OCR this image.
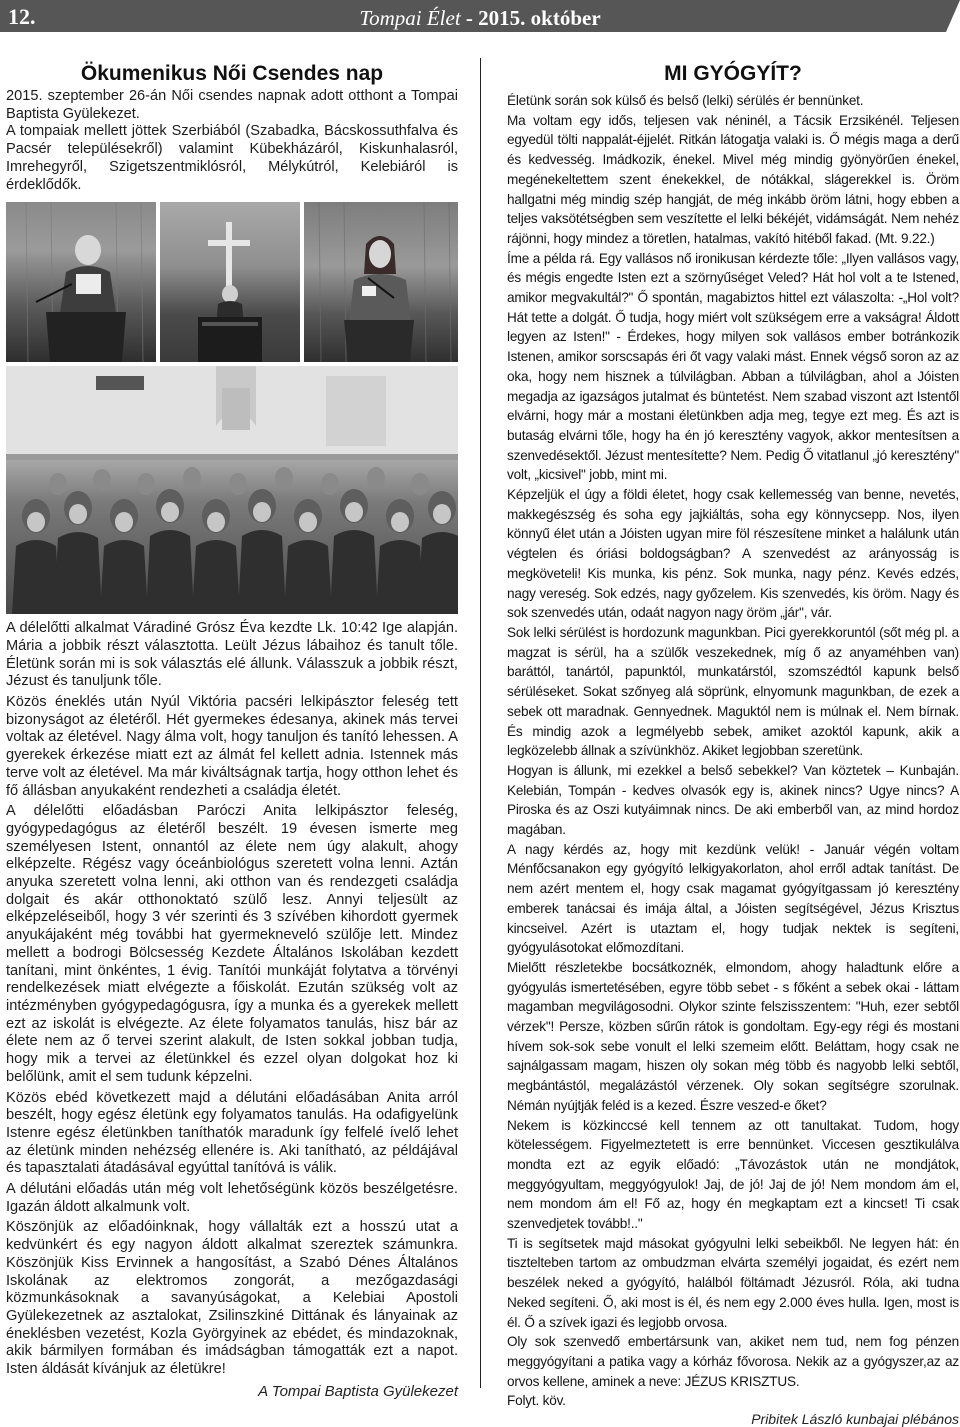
12.	Tompai Élet - 2015. október
Ökumenikus Női Csendes nap

2015. szeptember 26-án Női csendes napnak adott otthont a Tompai Baptista Gyülekezet.

A tompaiak mellett jöttek Szerbiából (Szabadka, Bácskossuthfalva és Pacsér településekről) valamint Kübekházáról, Kiskunhalasról, Imrehegyről, Szigetszentmiklósról, Mélykútról, Kelebiáról is érdeklődők.

A délelőtti alkalmat Váradiné Grósz Éva kezdte Lk. 10:42 Ige alapján. Mária a jobbik részt választotta. Leült Jézus lábaihoz és tanult tőle. Életünk során mi is sok választás elé állunk. Válasszuk a jobbik részt, Jézust és tanuljunk tőle.

Közös éneklés után Nyúl Viktória pacséri lelkipásztor feleség tett bizonyságot az életéről. Hét gyermekes édesanya, akinek más tervei voltak az életével. Nagy álma volt, hogy tanuljon és tanító lehessen. A gyerekek érkezése miatt ezt az álmát fel kellett adnia. Istennek más terve volt az életével. Ma már kiváltságnak tartja, hogy otthon lehet és fő állásban anyukaként rendezheti a családja életét.

A délelőtti előadásban Paróczi Anita lelkipásztor feleség, gyógypedagógus az életéről beszélt. 19 évesen ismerte meg személyesen Istent, onnantól az élete nem úgy alakult, ahogy elképzelte. Régész vagy óceánbiológus szeretett volna lenni. Aztán anyuka szeretett volna lenni, aki otthon van és rendezgeti családja dolgait és akár otthonoktató szülő lesz. Annyi teljesült az elképzeléseiből, hogy 3 vér szerinti és 3 szívében kihordott gyermek anyukájaként még további hat gyermekneveló szülője lett. Mindez mellett a bodrogi Bölcsesség Kezdete Általános Iskolában kezdett tanítani, mint önkéntes, 1 évig. Tanítói munkáját folytatva a törvényi rendelkezések miatt elvégezte a főiskolát. Ezután szükség volt az intézményben gyógypedagógusra, így a munka és a gyerekek mellett ezt az iskolát is elvégezte. Az élete folyamatos tanulás, hisz bár az élete nem az ő tervei szerint alakult, de Isten sokkal jobban tudja, hogy mik a tervei az életünkkel és ezzel olyan dolgokat hoz ki belőlünk, amit el sem tudunk képzelni.

Közös ebéd következett majd a délutáni előadásában Anita arról beszélt, hogy egész életünk egy folyamatos tanulás. Ha odafigyelünk Istenre egész életünkben taníthatók maradunk így felfelé ívelő lehet az életünk minden nehézség ellenére is. Aki tanítható, az példájával és tapasztalati átadásával egyúttal tanítóvá is válik.

A délutáni előadás után még volt lehetőségünk közös beszélgetésre. Igazán áldott alkalmunk volt.

Köszönjük az előadóinknak, hogy vállalták ezt a hosszú utat a kedvünkért és egy nagyon áldott alkalmat szereztek számunkra. Köszönjük Kiss Ervinnek a hangosítást, a Szabó Dénes Általános Iskolának az elektromos zongorát, a mezőgazdasági közmunkásoknak a savanyúságokat, a Kelebiai Apostoli Gyülekezetnek az asztalokat, Zsilinszkiné Dittának és lányainak az éneklésben vezetést, Kozla Györgyinek az ebédet, és mindazoknak, akik bármilyen formában és imádságban támogatták ezt a napot. Isten áldását kívánjuk az életükre!

A Tompai Baptista Gyülekezet
MI GYÓGYÍT?

Életünk során sok külső és belső (lelki) sérülés ér bennünket.

Ma voltam egy idős, teljesen vak néninél, a Tácsik Erzsikénél. Teljesen egyedül tölti nappalát-éjjelét. Ritkán látogatja valaki is. Ő mégis maga a derű és kedvesség. Imádkozik, énekel. Mivel még mindig gyönyörűen énekel, megénekeltettem szent énekekkel, de nótákkal, slágerekkel is. Öröm hallgatni még mindig szép hangját, de még inkább öröm látni, hogy ebben a teljes vaksötétségben sem veszítette el lelki békéjét, vidámságát. Nem nehéz rájönni, hogy mindez a töretlen, hatalmas, vakító hitéből fakad. (Mt. 9.22.)

Íme a példa rá. Egy vallásos nő ironikusan kérdezte tőle: „Ilyen vallásos vagy, és mégis engedte Isten ezt a szörnyűséget Veled? Hát hol volt a te Istened, amikor megvakultál?" Ő spontán, magabiztos hittel ezt válaszolta: -„Hol volt? Hát tette a dolgát. Ő tudja, hogy miért volt szükségem erre a vakságra! Áldott legyen az Isten!" - Érdekes, hogy milyen sok vallásos ember botránkozik Istenen, amikor sorscsapás éri őt vagy valaki mást. Ennek végső soron az az oka, hogy nem hisznek a túlvilágban. Abban a túlvilágban, ahol a Jóisten megadja az igazságos jutalmat és büntetést. Nem szabad viszont azt Istentől elvárni, hogy már a mostani életünkben adja meg, tegye ezt meg. És azt is butaság elvárni tőle, hogy ha én jó keresztény vagyok, akkor mentesítsen a szenvedésektől. Jézust mentesítette? Nem. Pedig Ő vitatlanul „jó keresztény" volt, „kicsivel" jobb, mint mi.

Képzeljük el úgy a földi életet, hogy csak kellemesség van benne, nevetés, makkegészség és soha egy jajkiáltás, soha egy könnycsepp. Nos, ilyen könnyű élet után a Jóisten ugyan mire föl részesítene minket a halálunk után végtelen és óriási boldogságban? A szenvedést az arányosság is megköveteli! Kis munka, kis pénz. Sok munka, nagy pénz. Kevés edzés, nagy vereség. Sok edzés, nagy győzelem. Kis szenvedés, kis öröm. Nagy és sok szenvedés után, odaát nagyon nagy öröm „jár", vár.

Sok lelki sérülést is hordozunk magunkban. Pici gyerekkoruntól (sőt még pl. a magzat is sérül, ha a szülők veszekednek, míg ő az anyaméhben van) baráttól, tanártól, papunktól, munkatárstól, szomszédtól kapunk belső sérüléseket. Sokat szőnyeg alá söprünk, elnyomunk magunkban, de ezek a sebek ott maradnak. Gennyednek. Maguktól nem is múlnak el. Nem bírnak. És mindig azok a legmélyebb sebek, amiket azoktól kapunk, akik a legközelebb állnak a szívünkhöz. Akiket legjobban szeretünk.

Hogyan is állunk, mi ezekkel a belső sebekkel? Van köztetek – Kunbaján. Kelebián, Tompán - kedves olvasók egy is, akinek nincs? Ugye nincs? A Piroska és az Oszi kutyáimnak nincs. De aki emberből van, az mind hordoz magában.

A nagy kérdés az, hogy mit kezdünk velük! - Január végén voltam Ménfőcsanakon egy gyógyító lelkigyakorlaton, ahol erről adtak tanítást. De nem azért mentem el, hogy csak magamat gyógyítgassam jó keresztény emberek tanácsai és imája által, a Jóisten segítségével, Jézus Krisztus kincseivel. Azért is utaztam el, hogy tudjak nektek is segíteni, gyógyulásotokat előmozdítani.

Mielőtt részletekbe bocsátkoznék, elmondom, ahogy haladtunk előre a gyógyulás ismertetésében, egyre több sebet - s főként a sebek okai - láttam magamban megvilágosodni. Olykor szinte felszisszentem: "Huh, ezer sebtől vérzek"! Persze, közben sűrűn rátok is gondoltam. Egy-egy régi és mostani hívem sok-sok sebe vonult el lelki szemeim előtt. Beláttam, hogy csak ne sajnálgassam magam, hiszen oly sokan még több és nagyobb lelki sebtől, megbántástól, megalázástól vérzenek. Oly sokan segítségre szorulnak. Némán nyújtják feléd is a kezed. Észre veszed-e őket?

Nekem is közkinccsé kell tennem az ott tanultakat. Tudom, hogy kötelességem. Figyelmeztetett is erre bennünket. Viccesen gesztikulálva mondta ezt az egyik előadó: „Távozástok után ne mondjátok, meggyógyultam, meggyógyulok! Jaj, de jó! Jaj de jó! Nem mondom ám el, nem mondom ám el! Fő az, hogy én megkaptam ezt a kincset! Ti csak szenvedjetek tovább!.."

Ti is segítsetek majd másokat gyógyulni lelki sebeikből. Ne legyen hát: én tisztelteben tartom az ombudzman elvárta személyi jogaidat, és ezért nem beszélek neked a gyógyító, halálból föltámadt Jézusról. Róla, aki tudna Neked segíteni. Ő, aki most is él, és nem egy 2.000 éves hulla. Igen, most is él. Ő a szívek igazi és legjobb orvosa.

Oly sok szenvedő embertársunk van, akiket nem tud, nem fog pénzen meggyógyítani a patika vagy a kórház fővorosa. Nekik az a gyógyszer,az az orvos kellene, aminek a neve: JÉZUS KRISZTUS.

Folyt. köv.

Pribitek László kunbajai plébános
